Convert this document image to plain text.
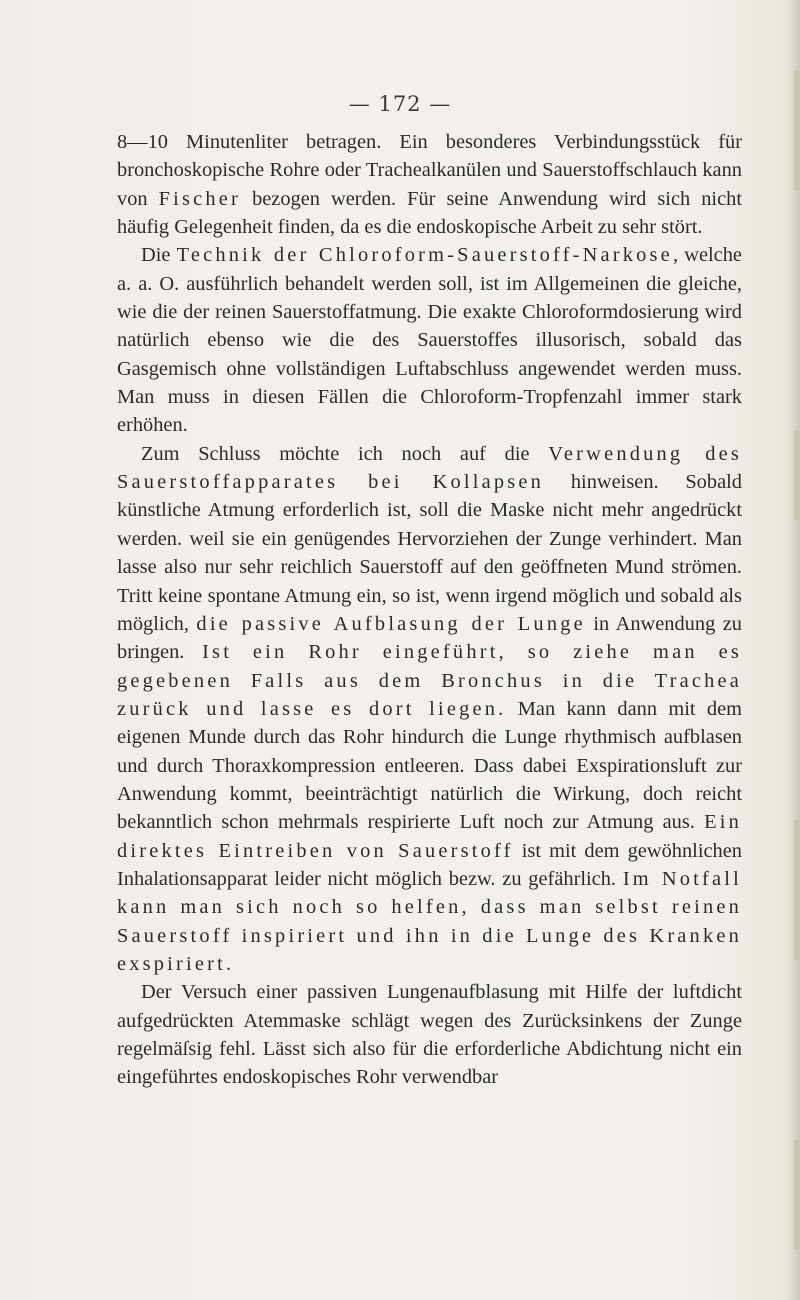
— 172 —

8—10 Minutenliter betragen. Ein besonderes Verbindungsstück für bronchoskopische Rohre oder Trachealkanülen und Sauerstoffschlauch kann von Fischer bezogen werden. Für seine Anwendung wird sich nicht häufig Gelegenheit finden, da es die endoskopische Arbeit zu sehr stört.

Die Technik der Chloroform-Sauerstoff-Narkose, welche a. a. O. ausführlich behandelt werden soll, ist im Allgemeinen die gleiche, wie die der reinen Sauerstoffatmung. Die exakte Chloroformdosierung wird natürlich ebenso wie die des Sauerstoffes illusorisch, sobald das Gasgemisch ohne vollständigen Luftabschluss angewendet werden muss. Man muss in diesen Fällen die Chloroform-Tropfenzahl immer stark erhöhen.

Zum Schluss möchte ich noch auf die Verwendung des Sauerstoffapparates bei Kollapsen hinweisen. Sobald künstliche Atmung erforderlich ist, soll die Maske nicht mehr angedrückt werden. weil sie ein genügendes Hervorziehen der Zunge verhindert. Man lasse also nur sehr reichlich Sauerstoff auf den geöffneten Mund strömen. Tritt keine spontane Atmung ein, so ist, wenn irgend möglich und sobald als möglich, die passive Aufblasung der Lunge in Anwendung zu bringen. Ist ein Rohr eingeführt, so ziehe man es gegebenen Falls aus dem Bronchus in die Trachea zurück und lasse es dort liegen. Man kann dann mit dem eigenen Munde durch das Rohr hindurch die Lunge rhythmisch aufblasen und durch Thoraxkompression entleeren. Dass dabei Exspirationsluft zur Anwendung kommt, beeinträchtigt natürlich die Wirkung, doch reicht bekanntlich schon mehrmals respirierte Luft noch zur Atmung aus. Ein direktes Eintreiben von Sauerstoff ist mit dem gewöhnlichen Inhalationsapparat leider nicht möglich bezw. zu gefährlich. Im Notfall kann man sich noch so helfen, dass man selbst reinen Sauerstoff inspiriert und ihn in die Lunge des Kranken exspiriert.

Der Versuch einer passiven Lungenaufblasung mit Hilfe der luftdicht aufgedrückten Atemmaske schlägt wegen des Zurücksinkens der Zunge regelmäſsig fehl. Lässt sich also für die erforderliche Abdichtung nicht ein eingeführtes endoskopisches Rohr verwendbar
